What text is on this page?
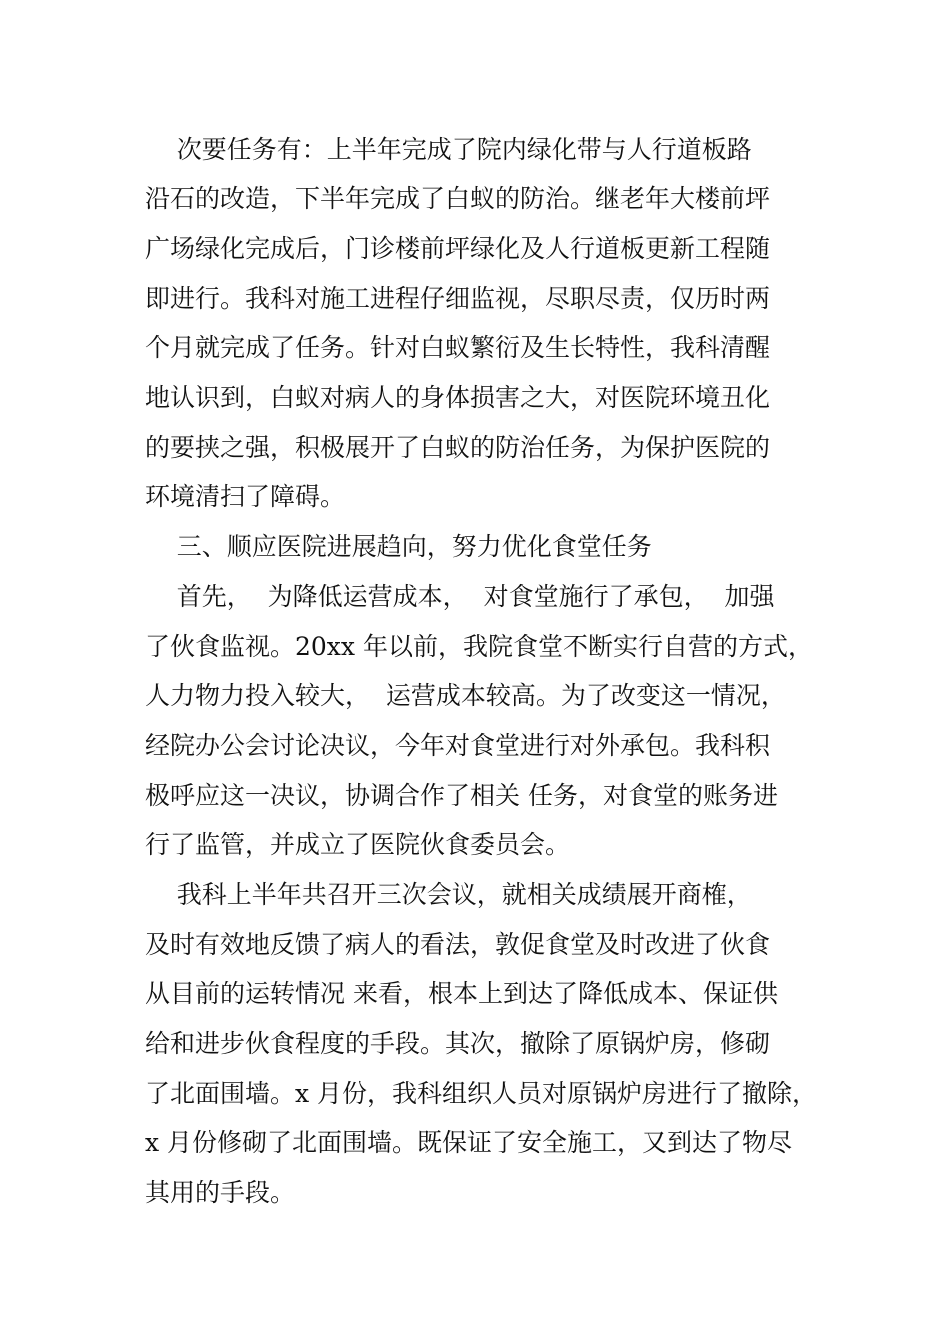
次要任务有：上半年完成了院内绿化带与人行道板路
沿石的改造，下半年完成了白蚁的防治。继老年大楼前坪
广场绿化完成后，门诊楼前坪绿化及人行道板更新工程随
即进行。我科对施工进程仔细监视，尽职尽责，仅历时两
个月就完成了任务。针对白蚁繁衍及生长特性，我科清醒
地认识到，白蚁对病人的身体损害之大，对医院环境丑化
的要挟之强，积极展开了白蚁的防治任务，为保护医院的
环境清扫了障碍。
三、顺应医院进展趋向，努力优化食堂任务
首先，  为降低运营成本，  对食堂施行了承包，  加强
了伙食监视。20xx 年以前，我院食堂不断实行自营的方式，
人力物力投入较大，  运营成本较高。为了改变这一情况，
经院办公会讨论决议，今年对食堂进行对外承包。我科积
极呼应这一决议，协调合作了相关 任务，对食堂的账务进
行了监管，并成立了医院伙食委员会。
我科上半年共召开三次会议，就相关成绩展开商榷，
及时有效地反馈了病人的看法，敦促食堂及时改进了伙食
从目前的运转情况 来看，根本上到达了降低成本、保证供
给和进步伙食程度的手段。其次，撤除了原锅炉房，修砌
了北面围墙。x 月份，我科组织人员对原锅炉房进行了撤除，
x 月份修砌了北面围墙。既保证了安全施工，又到达了物尽
其用的手段。
